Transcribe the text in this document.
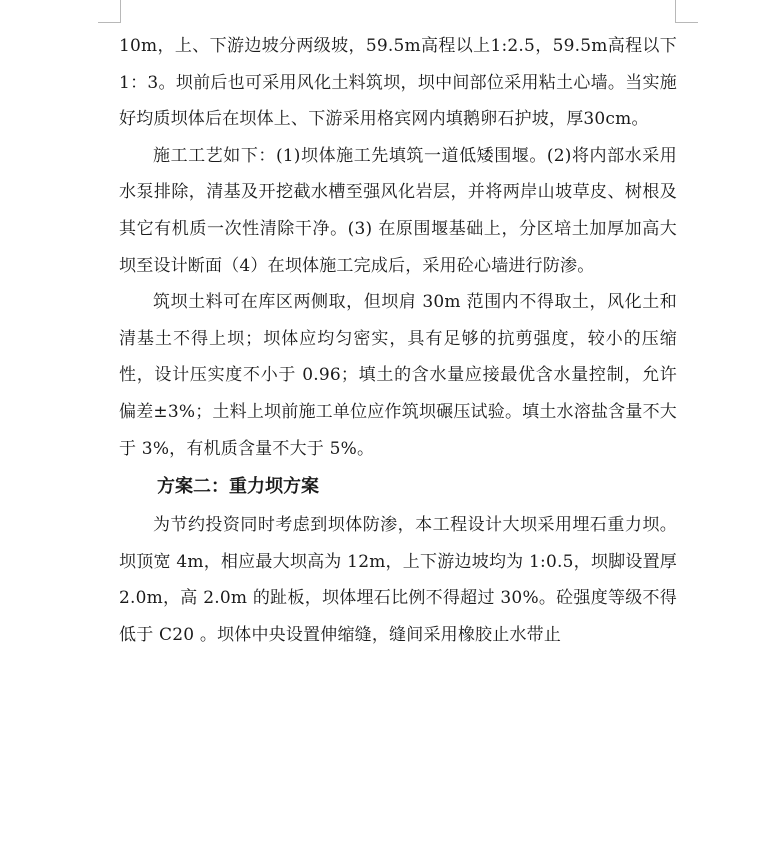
10m，上、下游边坡分两级坡，59.5m高程以上1:2.5，59.5m高程以下1：3。坝前后也可采用风化土料筑坝，坝中间部位采用粘土心墙。当实施好均质坝体后在坝体上、下游采用格宾网内填鹅卵石护坡，厚30cm。

施工工艺如下：(1)坝体施工先填筑一道低矮围堰。(2)将内部水采用水泵排除，清基及开挖截水槽至强风化岩层，并将两岸山坡草皮、树根及其它有机质一次性清除干净。(3) 在原围堰基础上，分区培土加厚加高大坝至设计断面（4）在坝体施工完成后，采用砼心墙进行防渗。

筑坝土料可在库区两侧取，但坝肩 30m 范围内不得取土，风化土和清基土不得上坝；坝体应均匀密实，具有足够的抗剪强度，较小的压缩性，设计压实度不小于 0.96；填土的含水量应接最优含水量控制，允许偏差±3%；土料上坝前施工单位应作筑坝碾压试验。填土水溶盐含量不大于 3%，有机质含量不大于 5%。

方案二：重力坝方案

为节约投资同时考虑到坝体防渗，本工程设计大坝采用埋石重力坝。坝顶宽 4m，相应最大坝高为 12m，上下游边坡均为 1:0.5，坝脚设置厚 2.0m，高 2.0m 的趾板，坝体埋石比例不得超过 30%。砼强度等级不得低于 C20 。坝体中央设置伸缩缝，缝间采用橡胶止水带止
